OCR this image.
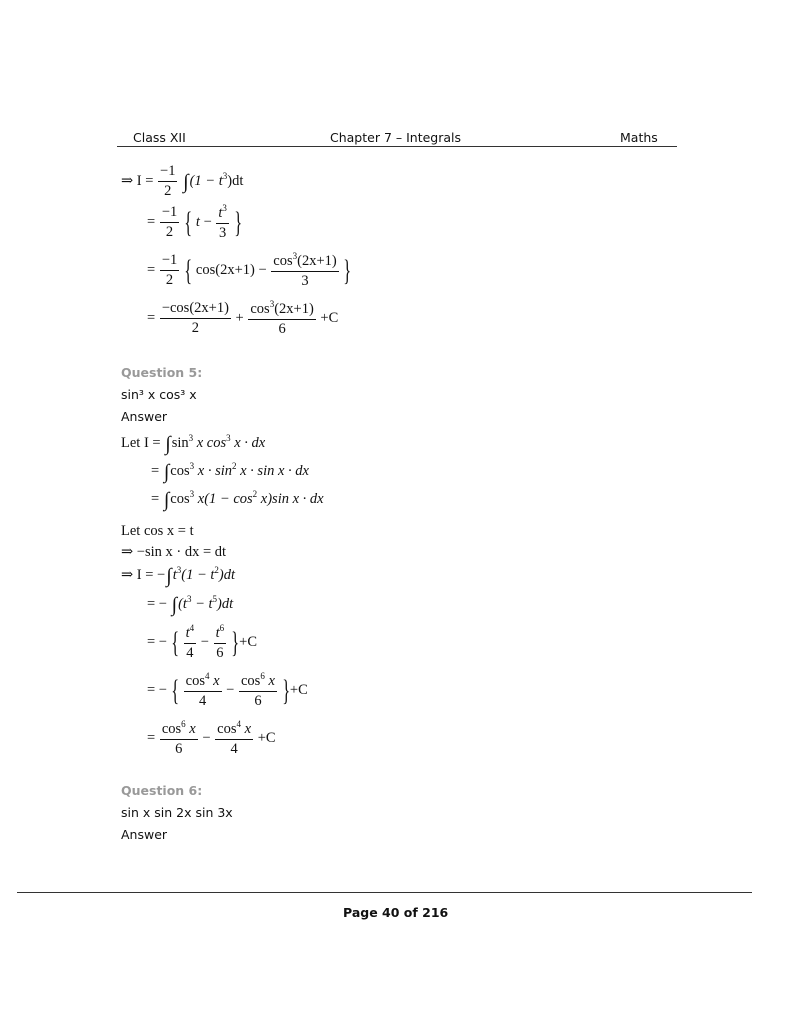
Class XII	Chapter 7 – Integrals	Maths
⇒ $I = \frac{-1}{2} \int(1 - t^3)dt$
= $\frac{-1}{2}$ { $t - \frac{t^3}{3}$ }
= $\frac{-1}{2}$ { $\cos(2x+1) - \frac{\cos^3(2x+1)}{3}$ }
= $\frac{-\cos(2x+1)}{2} + \frac{\cos^3(2x+1)}{6} +C$
Question 5:
sin³ x cos³ x
Answer
Let $I = \int\sin^3$ x $\cos^3 x$ · dx
= $\int\cos^3$ $x \cdot \sin^2 x \cdot \sin x$ · dx
= $\int\cos^3$ $x(1 - \cos^2 x)\sin$ x · dx
Let cos x = t
⇒ −sin x · dx = dt
⇒ $I = -\int t^3(1 - t^2)dt$
= − $\int(t^3 - t^5)dt$
= − { $\frac{t^4}{4} - \frac{t^6}{6} \}+C$
= − { $\frac{\cos^4 x}{4} - \frac{\cos^6 x}{6} \}+C$
= $\frac{\cos^6 x}{6} - \frac{\cos^4 x}{4} +C$
Question 6:
sin x sin 2x sin 3x
Answer
Page 40 of 216
